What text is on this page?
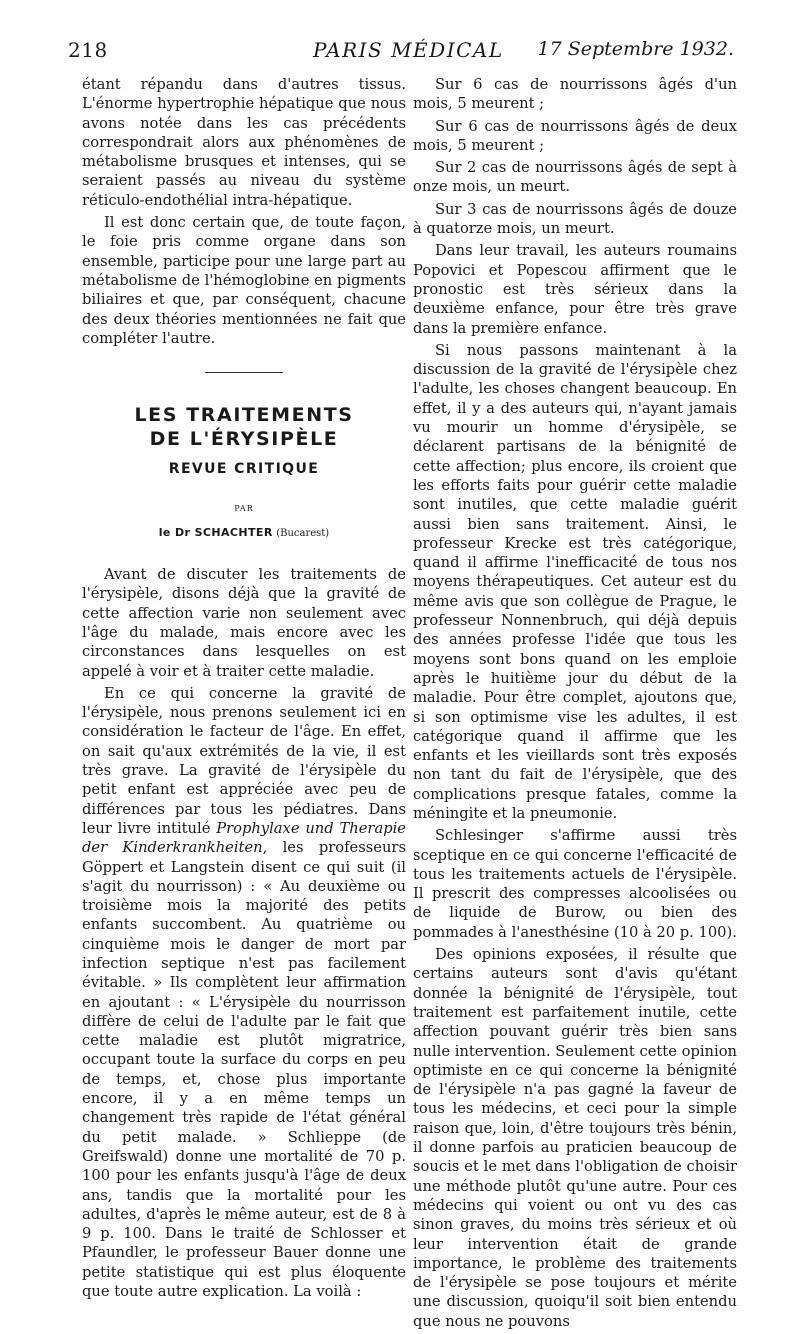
218	PARIS MÉDICAL 17 Septembre 1932.

étant répandu dans d'autres tissus. L'énorme hypertrophie hépatique que nous avons notée dans les cas précédents correspondrait alors aux phénomènes de métabolisme brusques et intenses, qui se seraient passés au niveau du système réticulo-endothélial intra-hépatique.

Il est donc certain que, de toute façon, le foie pris comme organe dans son ensemble, participe pour une large part au métabolisme de l'hémoglobine en pigments biliaires et que, par conséquent, chacune des deux théories mentionnées ne fait que compléter l'autre.

LES TRAITEMENTS
DE L'ÉRYSIPÈLE
REVUE CRITIQUE
PAR
le Dr SCHACHTER (Bucarest)

Avant de discuter les traitements de l'érysipèle, disons déjà que la gravité de cette affection varie non seulement avec l'âge du malade, mais encore avec les circonstances dans lesquelles on est appelé à voir et à traiter cette maladie.

En ce qui concerne la gravité de l'érysipèle, nous prenons seulement ici en considération le facteur de l'âge. En effet, on sait qu'aux extrémités de la vie, il est très grave. La gravité de l'érysipèle du petit enfant est appréciée avec peu de différences par tous les pédiatres. Dans leur livre intitulé Prophylaxe und Therapie der Kinderkrankheiten, les professeurs Göppert et Langstein disent ce qui suit (il s'agit du nourrisson) : « Au deuxième ou troisième mois la majorité des petits enfants succombent. Au quatrième ou cinquième mois le danger de mort par infection septique n'est pas facilement évitable. » Ils complètent leur affirmation en ajoutant : « L'érysipèle du nourrisson diffère de celui de l'adulte par le fait que cette maladie est plutôt migratrice, occupant toute la surface du corps en peu de temps, et, chose plus importante encore, il y a en même temps un changement très rapide de l'état général du petit malade. » Schlieppe (de Greifswald) donne une mortalité de 70 p. 100 pour les enfants jusqu'à l'âge de deux ans, tandis que la mortalité pour les adultes, d'après le même auteur, est de 8 à 9 p. 100. Dans le traité de Schlosser et Pfaundler, le professeur Bauer donne une petite statistique qui est plus éloquente que toute autre explication. La voilà :

Sur 6 cas de nourrissons âgés d'un mois, 5 meurent ;

Sur 6 cas de nourrissons âgés de deux mois, 5 meurent ;

Sur 2 cas de nourrissons âgés de sept à onze mois, un meurt.

Sur 3 cas de nourrissons âgés de douze à quatorze mois, un meurt.

Dans leur travail, les auteurs roumains Popovici et Popescou affirment que le pronostic est très sérieux dans la deuxième enfance, pour être très grave dans la première enfance.

Si nous passons maintenant à la discussion de la gravité de l'érysipèle chez l'adulte, les choses changent beaucoup. En effet, il y a des auteurs qui, n'ayant jamais vu mourir un homme d'érysipèle, se déclarent partisans de la bénignité de cette affection; plus encore, ils croient que les efforts faits pour guérir cette maladie sont inutiles, que cette maladie guérit aussi bien sans traitement. Ainsi, le professeur Krecke est très catégorique, quand il affirme l'inefficacité de tous nos moyens thérapeutiques. Cet auteur est du même avis que son collègue de Prague, le professeur Nonnenbruch, qui déjà depuis des années professe l'idée que tous les moyens sont bons quand on les emploie après le huitième jour du début de la maladie. Pour être complet, ajoutons que, si son optimisme vise les adultes, il est catégorique quand il affirme que les enfants et les vieillards sont très exposés non tant du fait de l'érysipèle, que des complications presque fatales, comme la méningite et la pneumonie.

Schlesinger s'affirme aussi très sceptique en ce qui concerne l'efficacité de tous les traitements actuels de l'érysipèle. Il prescrit des compresses alcoolisées ou de liquide de Burow, ou bien des pommades à l'anesthésine (10 à 20 p. 100).

Des opinions exposées, il résulte que certains auteurs sont d'avis qu'étant donnée la bénignité de l'érysipèle, tout traitement est parfaitement inutile, cette affection pouvant guérir très bien sans nulle intervention. Seulement cette opinion optimiste en ce qui concerne la bénignité de l'érysipèle n'a pas gagné la faveur de tous les médecins, et ceci pour la simple raison que, loin, d'être toujours très bénin, il donne parfois au praticien beaucoup de soucis et le met dans l'obligation de choisir une méthode plutôt qu'une autre. Pour ces médecins qui voient ou ont vu des cas sinon graves, du moins très sérieux et où leur intervention était de grande importance, le problème des traitements de l'érysipèle se pose toujours et mérite une discussion, quoiqu'il soit bien entendu que nous ne pouvons
